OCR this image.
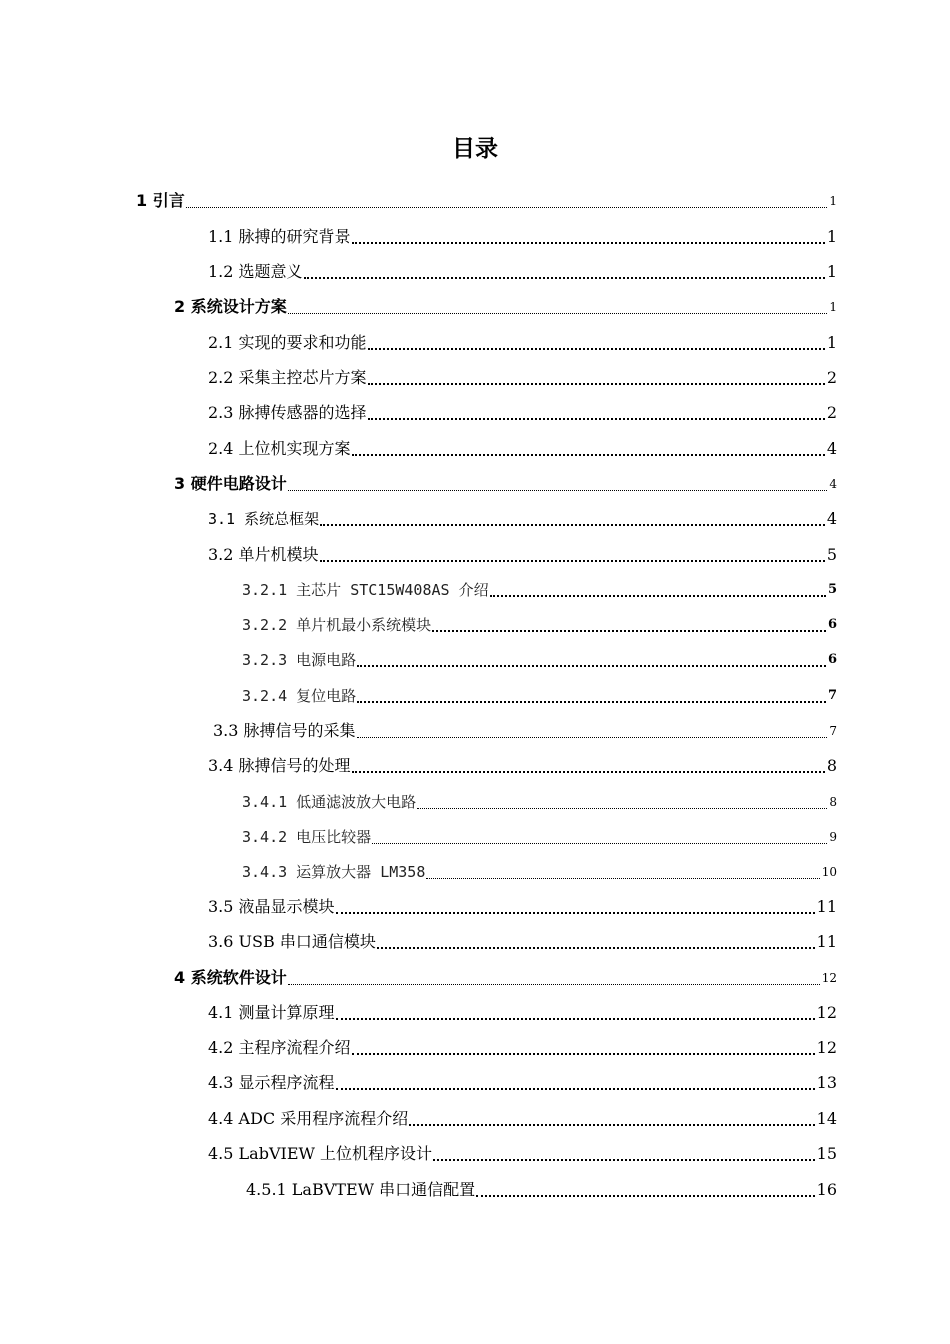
目录
1 引言	1
1.1 脉搏的研究背景	1
1.2 选题意义	1
2 系统设计方案	1
2.1 实现的要求和功能	1
2.2 采集主控芯片方案	2
2.3 脉搏传感器的选择	2
2.4 上位机实现方案	4
3 硬件电路设计	4
3.1 系统总框架	4
3.2 单片机模块	5
3.2.1 主芯片 STC15W408AS 介绍	5
3.2.2 单片机最小系统模块	6
3.2.3 电源电路	6
3.2.4 复位电路	7
3.3 脉搏信号的采集	7
3.4 脉搏信号的处理	8
3.4.1 低通滤波放大电路	8
3.4.2 电压比较器	9
3.4.3 运算放大器 LM358	10
3.5 液晶显示模块	11
3.6 USB 串口通信模块	11
4 系统软件设计	12
4.1 测量计算原理	12
4.2 主程序流程介绍	12
4.3 显示程序流程	13
4.4 ADC 采用程序流程介绍	14
4.5 LabVIEW 上位机程序设计	15
4.5.1 LaBVTEW 串口通信配置	16
